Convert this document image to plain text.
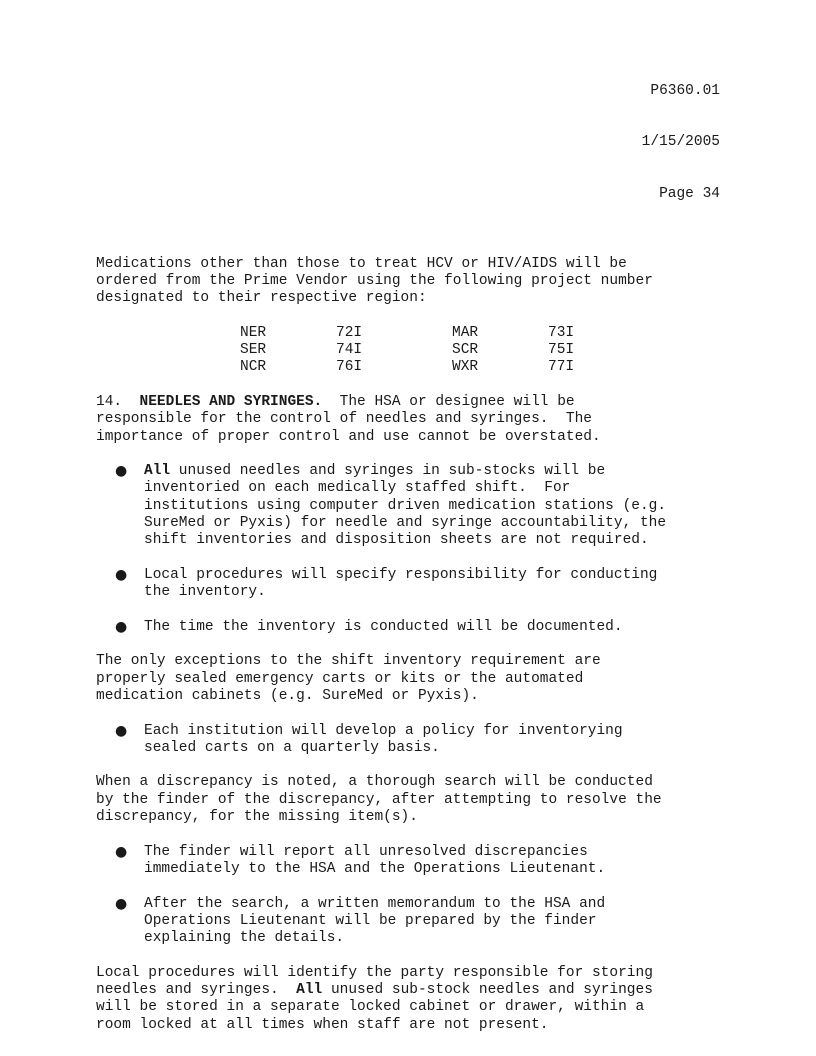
P6360.01

1/15/2005

Page 34

Medications other than those to treat HCV or HIV/AIDS will be
ordered from the Prime Vendor using the following project number
designated to their respective region:

NER	72I	MAR	73I
SER	74I	SCR	75I
NCR	76I	WXR	77I

14. NEEDLES AND SYRINGES.  The HSA or designee will be
responsible for the control of needles and syringes.  The
importance of proper control and use cannot be overstated.

● All unused needles and syringes in sub-stocks will be
inventoried on each medically staffed shift.  For
institutions using computer driven medication stations (e.g.
SureMed or Pyxis) for needle and syringe accountability, the
shift inventories and disposition sheets are not required.
● Local procedures will specify responsibility for conducting
the inventory.
● The time the inventory is conducted will be documented.

The only exceptions to the shift inventory requirement are
properly sealed emergency carts or kits or the automated
medication cabinets (e.g. SureMed or Pyxis).

● Each institution will develop a policy for inventorying
sealed carts on a quarterly basis.

When a discrepancy is noted, a thorough search will be conducted
by the finder of the discrepancy, after attempting to resolve the
discrepancy, for the missing item(s).

● The finder will report all unresolved discrepancies
immediately to the HSA and the Operations Lieutenant.
● After the search, a written memorandum to the HSA and
Operations Lieutenant will be prepared by the finder
explaining the details.

Local procedures will identify the party responsible for storing
needles and syringes.  All unused sub-stock needles and syringes
will be stored in a separate locked cabinet or drawer, within a
room locked at all times when staff are not present.
